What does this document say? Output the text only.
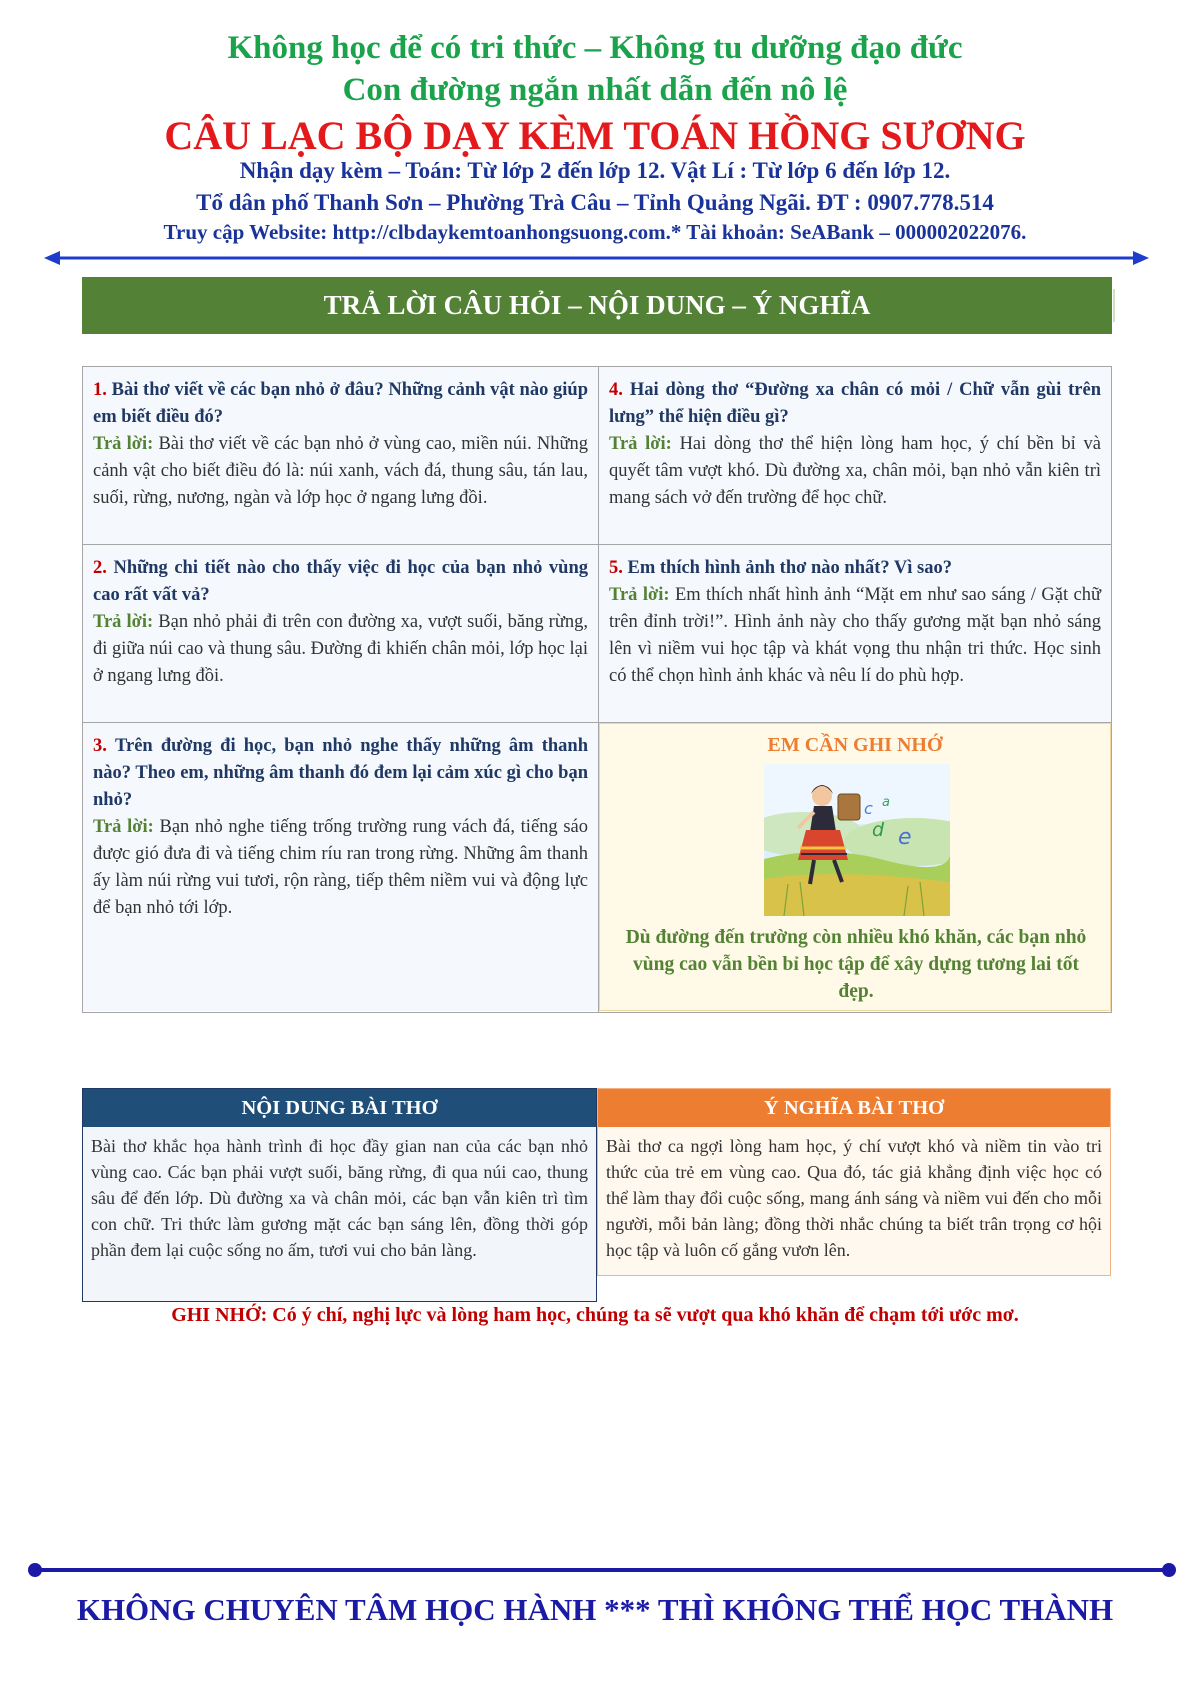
Không học để có tri thức – Không tu dưỡng đạo đức
Con đường ngắn nhất dẫn đến nô lệ
CÂU LẠC BỘ DẠY KÈM TOÁN HỒNG SƯƠNG
Nhận dạy kèm – Toán: Từ lớp 2 đến lớp 12. Vật Lí : Từ lớp 6 đến lớp 12.
Tổ dân phố Thanh Sơn – Phường Trà Câu – Tỉnh Quảng Ngãi. ĐT : 0907.778.514
Truy cập Website: http://clbdaykemtoanhongsuong.com.* Tài khoản: SeABank – 000002022076.
TRẢ LỜI CÂU HỎI – NỘI DUNG – Ý NGHĨA
1. Bài thơ viết về các bạn nhỏ ở đâu? Những cảnh vật nào giúp em biết điều đó?
Trả lời: Bài thơ viết về các bạn nhỏ ở vùng cao, miền núi. Những cảnh vật cho biết điều đó là: núi xanh, vách đá, thung sâu, tán lau, suối, rừng, nương, ngàn và lớp học ở ngang lưng đồi.
2. Những chi tiết nào cho thấy việc đi học của bạn nhỏ vùng cao rất vất vả?
Trả lời: Bạn nhỏ phải đi trên con đường xa, vượt suối, băng rừng, đi giữa núi cao và thung sâu. Đường đi khiến chân mỏi, lớp học lại ở ngang lưng đồi.
3. Trên đường đi học, bạn nhỏ nghe thấy những âm thanh nào? Theo em, những âm thanh đó đem lại cảm xúc gì cho bạn nhỏ?
Trả lời: Bạn nhỏ nghe tiếng trống trường rung vách đá, tiếng sáo được gió đưa đi và tiếng chim ríu ran trong rừng. Những âm thanh ấy làm núi rừng vui tươi, rộn ràng, tiếp thêm niềm vui và động lực để bạn nhỏ tới lớp.
4. Hai dòng thơ “Đường xa chân có mỏi / Chữ vẫn gùi trên lưng” thể hiện điều gì?
Trả lời: Hai dòng thơ thể hiện lòng ham học, ý chí bền bỉ và quyết tâm vượt khó. Dù đường xa, chân mỏi, bạn nhỏ vẫn kiên trì mang sách vở đến trường để học chữ.
5. Em thích hình ảnh thơ nào nhất? Vì sao?
Trả lời: Em thích nhất hình ảnh “Mặt em như sao sáng / Gặt chữ trên đỉnh trời!”. Hình ảnh này cho thấy gương mặt bạn nhỏ sáng lên vì niềm vui học tập và khát vọng thu nhận tri thức. Học sinh có thể chọn hình ảnh khác và nêu lí do phù hợp.
EM CẦN GHI NHỚ
c a
d e
Dù đường đến trường còn nhiều khó khăn, các bạn nhỏ vùng cao vẫn bền bỉ học tập để xây dựng tương lai tốt đẹp.
NỘI DUNG BÀI THƠ
Bài thơ khắc họa hành trình đi học đầy gian nan của các bạn nhỏ vùng cao. Các bạn phải vượt suối, băng rừng, đi qua núi cao, thung sâu để đến lớp. Dù đường xa và chân mỏi, các bạn vẫn kiên trì tìm con chữ. Tri thức làm gương mặt các bạn sáng lên, đồng thời góp phần đem lại cuộc sống no ấm, tươi vui cho bản làng.
Ý NGHĨA BÀI THƠ
Bài thơ ca ngợi lòng ham học, ý chí vượt khó và niềm tin vào tri thức của trẻ em vùng cao. Qua đó, tác giả khẳng định việc học có thể làm thay đổi cuộc sống, mang ánh sáng và niềm vui đến cho mỗi người, mỗi bản làng; đồng thời nhắc chúng ta biết trân trọng cơ hội học tập và luôn cố gắng vươn lên.
GHI NHỚ: Có ý chí, nghị lực và lòng ham học, chúng ta sẽ vượt qua khó khăn để chạm tới ước mơ.
KHÔNG CHUYÊN TÂM HỌC HÀNH *** THÌ KHÔNG THỂ HỌC THÀNH
